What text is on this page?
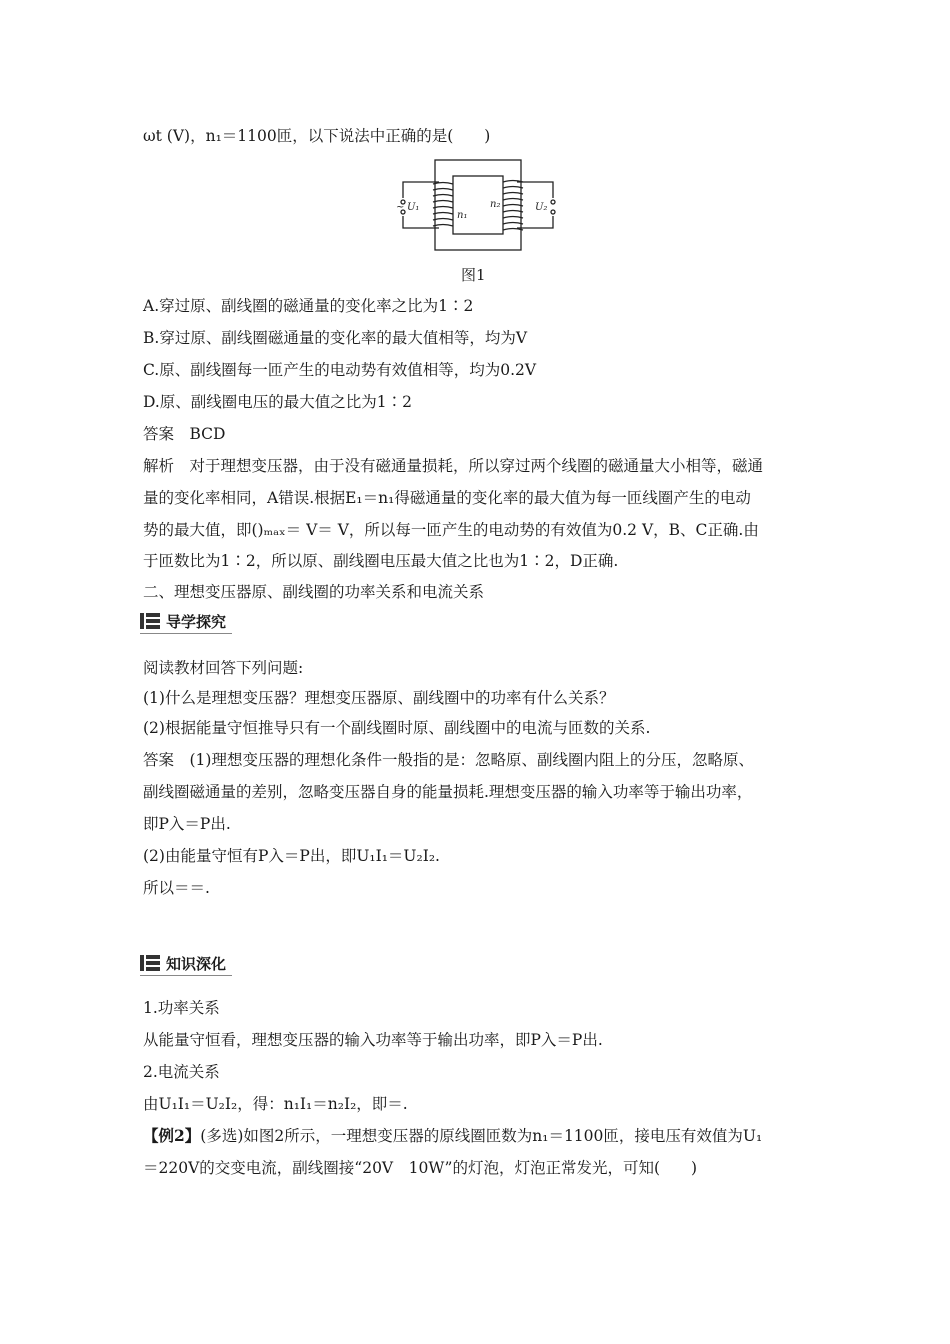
ωt (V)，n₁＝1100匝，以下说法中正确的是(　　)
~ U₁
n₁
n₂	U₂
图1
A.穿过原、副线圈的磁通量的变化率之比为1∶2
B.穿过原、副线圈磁通量的变化率的最大值相等，均为V
C.原、副线圈每一匝产生的电动势有效值相等，均为0.2V
D.原、副线圈电压的最大值之比为1∶2
答案　BCD
解析　对于理想变压器，由于没有磁通量损耗，所以穿过两个线圈的磁通量大小相等，磁通
量的变化率相同，A错误.根据E₁＝n₁得磁通量的变化率的最大值为每一匝线圈产生的电动
势的最大值，即()ₘₐₓ＝ V＝ V，所以每一匝产生的电动势的有效值为0.2 V，B、C正确.由
于匝数比为1∶2，所以原、副线圈电压最大值之比也为1∶2，D正确.
二、理想变压器原、副线圈的功率关系和电流关系
导学探究
阅读教材回答下列问题:
(1)什么是理想变压器？理想变压器原、副线圈中的功率有什么关系？
(2)根据能量守恒推导只有一个副线圈时原、副线圈中的电流与匝数的关系.
答案　(1)理想变压器的理想化条件一般指的是：忽略原、副线圈内阻上的分压，忽略原、
副线圈磁通量的差别，忽略变压器自身的能量损耗.理想变压器的输入功率等于输出功率，
即P入＝P出.
(2)由能量守恒有P入＝P出，即U₁I₁＝U₂I₂.
所以＝＝.
知识深化
1.功率关系
从能量守恒看，理想变压器的输入功率等于输出功率，即P入＝P出.
2.电流关系
由U₁I₁＝U₂I₂，得：n₁I₁＝n₂I₂，即＝.
【例2】(多选)如图2所示，一理想变压器的原线圈匝数为n₁＝1100匝，接电压有效值为U₁
＝220V的交变电流，副线圈接“20V　10W”的灯泡，灯泡正常发光，可知(　　)
